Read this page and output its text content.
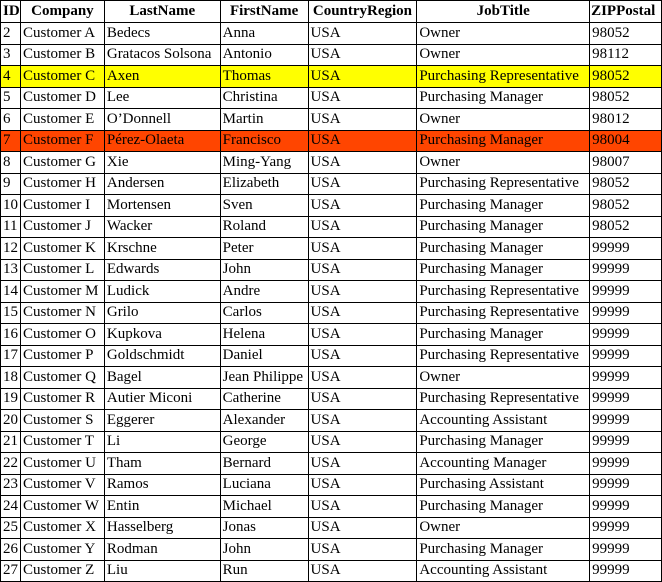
ID	Company	LastName	FirstName	CountryRegion	JobTitle	ZIPPostal
2	Customer A	Bedecs	Anna	USA	Owner	98052
3	Customer B	Gratacos Solsona	Antonio	USA	Owner	98112
4	Customer C	Axen	Thomas	USA	Purchasing Representative	98052
5	Customer D	Lee	Christina	USA	Purchasing Manager	98052
6	Customer E	O’Donnell	Martin	USA	Owner	98012
7	Customer F	Pérez-Olaeta	Francisco	USA	Purchasing Manager	98004
8	Customer G	Xie	Ming-Yang	USA	Owner	98007
9	Customer H	Andersen	Elizabeth	USA	Purchasing Representative	98052
10	Customer I	Mortensen	Sven	USA	Purchasing Manager	98052
11	Customer J	Wacker	Roland	USA	Purchasing Manager	98052
12	Customer K	Krschne	Peter	USA	Purchasing Manager	99999
13	Customer L	Edwards	John	USA	Purchasing Manager	99999
14	Customer M	Ludick	Andre	USA	Purchasing Representative	99999
15	Customer N	Grilo	Carlos	USA	Purchasing Representative	99999
16	Customer O	Kupkova	Helena	USA	Purchasing Manager	99999
17	Customer P	Goldschmidt	Daniel	USA	Purchasing Representative	99999
18	Customer Q	Bagel	Jean Philippe	USA	Owner	99999
19	Customer R	Autier Miconi	Catherine	USA	Purchasing Representative	99999
20	Customer S	Eggerer	Alexander	USA	Accounting Assistant	99999
21	Customer T	Li	George	USA	Purchasing Manager	99999
22	Customer U	Tham	Bernard	USA	Accounting Manager	99999
23	Customer V	Ramos	Luciana	USA	Purchasing Assistant	99999
24	Customer W	Entin	Michael	USA	Purchasing Manager	99999
25	Customer X	Hasselberg	Jonas	USA	Owner	99999
26	Customer Y	Rodman	John	USA	Purchasing Manager	99999
27	Customer Z	Liu	Run	USA	Accounting Assistant	99999
